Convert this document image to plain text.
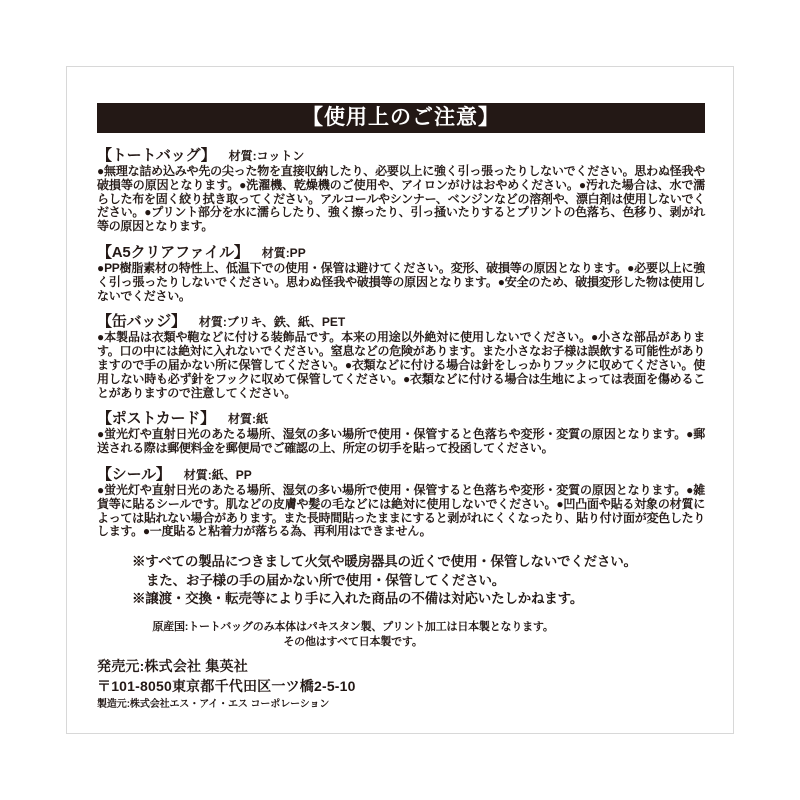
【使用上のご注意】
【トートバッグ】 材質:コットン

●無理な詰め込みや先の尖った物を直接収納したり、必要以上に強く引っ張ったりしないでください。思わぬ怪我や破損等の原因となります。●洗濯機、乾燥機のご使用や、アイロンがけはおやめください。●汚れた場合は、水で濡らした布を固く絞り拭き取ってください。アルコールやシンナー、ベンジンなどの溶剤や、漂白剤は使用しないでください。●プリント部分を水に濡らしたり、強く擦ったり、引っ掻いたりするとプリントの色落ち、色移り、剥がれ等の原因となります。

【A5クリアファイル】 材質:PP

●PP樹脂素材の特性上、低温下での使用・保管は避けてください。変形、破損等の原因となります。●必要以上に強く引っ張ったりしないでください。思わぬ怪我や破損等の原因となります。●安全のため、破損変形した物は使用しないでください。

【缶バッジ】 材質:ブリキ、鉄、紙、PET

●本製品は衣類や鞄などに付ける装飾品です。本来の用途以外絶対に使用しないでください。●小さな部品があります。口の中には絶対に入れないでください。窒息などの危険があります。また小さなお子様は誤飲する可能性がありますので手の届かない所に保管してください。●衣類などに付ける場合は針をしっかりフックに収めてください。使用しない時も必ず針をフックに収めて保管してください。●衣類などに付ける場合は生地によっては表面を傷めることがありますので注意してください。

【ポストカード】 材質:紙

●蛍光灯や直射日光のあたる場所、湿気の多い場所で使用・保管すると色落ちや変形・変質の原因となります。●郵送される際は郵便料金を郵便局でご確認の上、所定の切手を貼って投函してください。

【シール】 材質:紙、PP

●蛍光灯や直射日光のあたる場所、湿気の多い場所で使用・保管すると色落ちや変形・変質の原因となります。●雑貨等に貼るシールです。肌などの皮膚や髪の毛などには絶対に使用しないでください。●凹凸面や貼る対象の材質によっては貼れない場合があります。また長時間貼ったままにすると剥がれにくくなったり、貼り付け面が変色したりします。●一度貼ると粘着力が落ちる為、再利用はできません。

※すべての製品につきまして火気や暖房器具の近くで使用・保管しないでください。

また、お子様の手の届かない所で使用・保管してください。

※譲渡・交換・転売等により手に入れた商品の不備は対応いたしかねます。

原産国:トートバッグのみ本体はパキスタン製、プリント加工は日本製となります。

その他はすべて日本製です。

発売元:株式会社 集英社

〒101-8050東京都千代田区一ツ橋2-5-10

製造元:株式会社エス・アイ・エス コーポレーション
